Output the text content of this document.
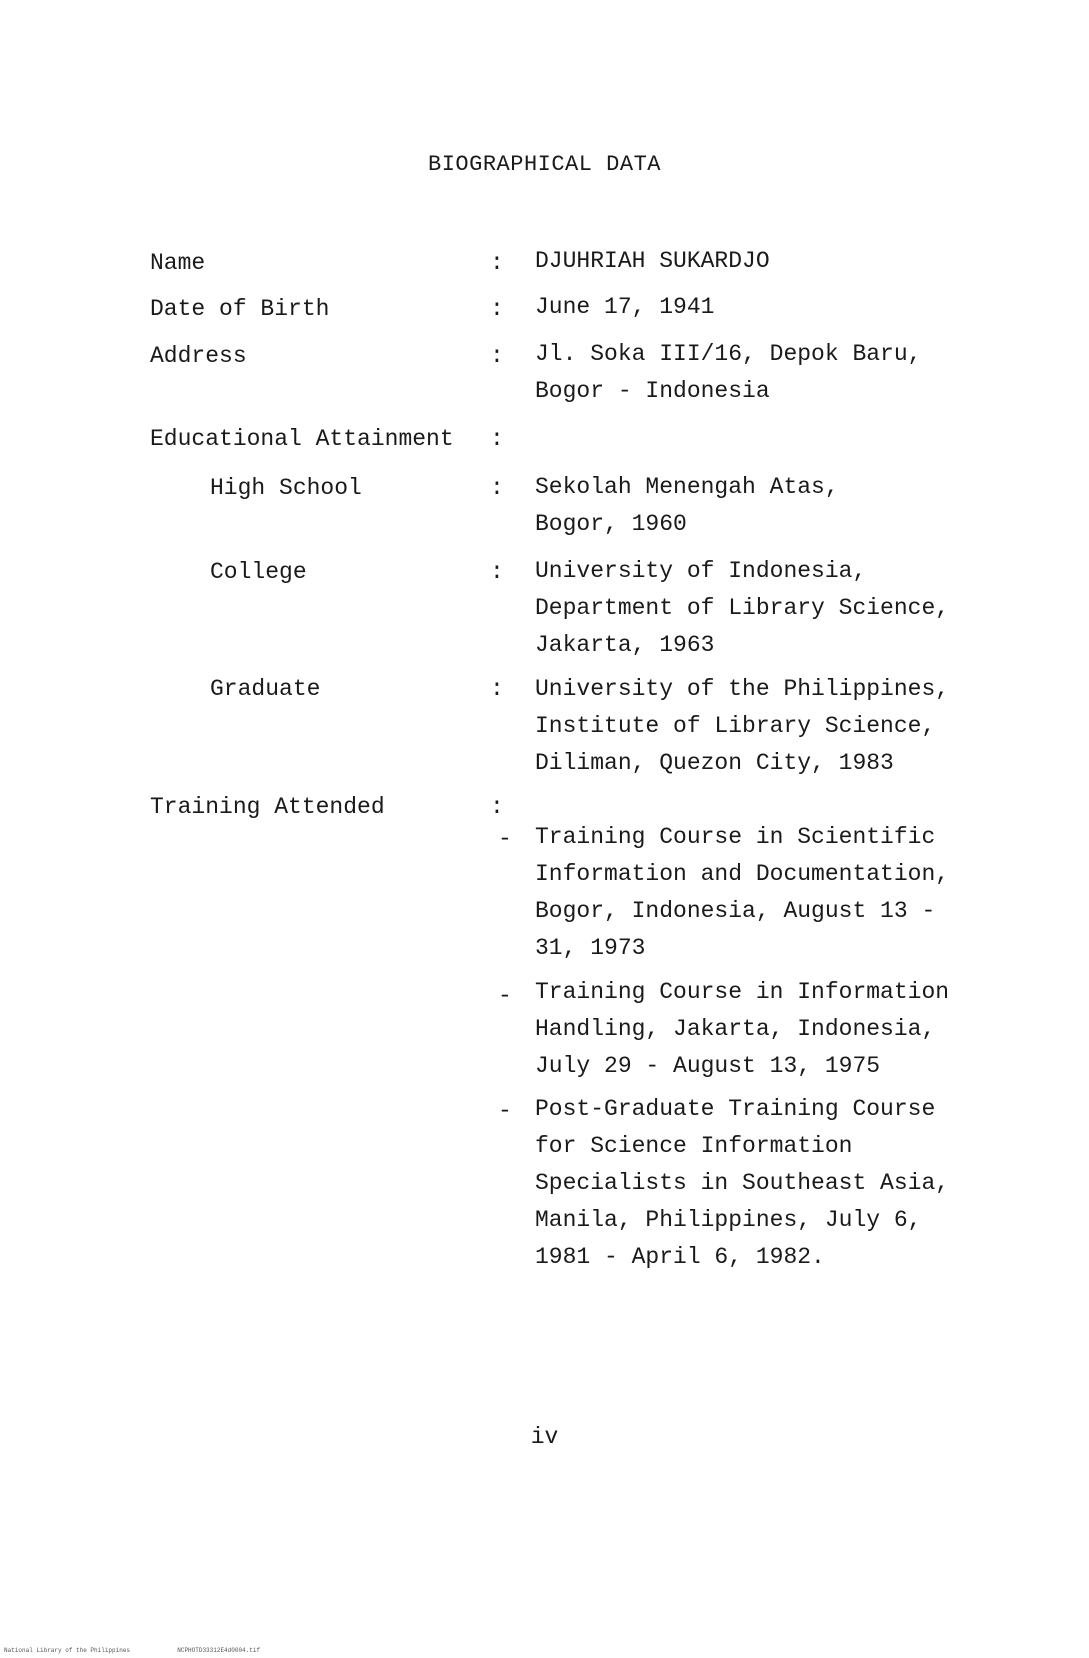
BIOGRAPHICAL DATA
Name	: DJUHRIAH SUKARDJO
Date of Birth	: June 17, 1941
Address	: Jl. Soka III/16, Depok Baru,
Bogor - Indonesia
Educational Attainment :
High School	: Sekolah Menengah Atas,
Bogor, 1960
College	: University of Indonesia,
Department of Library Science,
Jakarta, 1963
Graduate	: University of the Philippines,
Institute of Library Science,
Diliman, Quezon City, 1983
Training Attended	:
- Training Course in Scientific
Information and Documentation,
Bogor, Indonesia, August 13 -
31, 1973
- Training Course in Information
Handling, Jakarta, Indonesia,
July 29 - August 13, 1975
- Post-Graduate Training Course
for Science Information
Specialists in Southeast Asia,
Manila, Philippines, July 6,
1981 - April 6, 1982.
iv
National Library of the Philippines	NCPHOTD33312E4d0004.tif
